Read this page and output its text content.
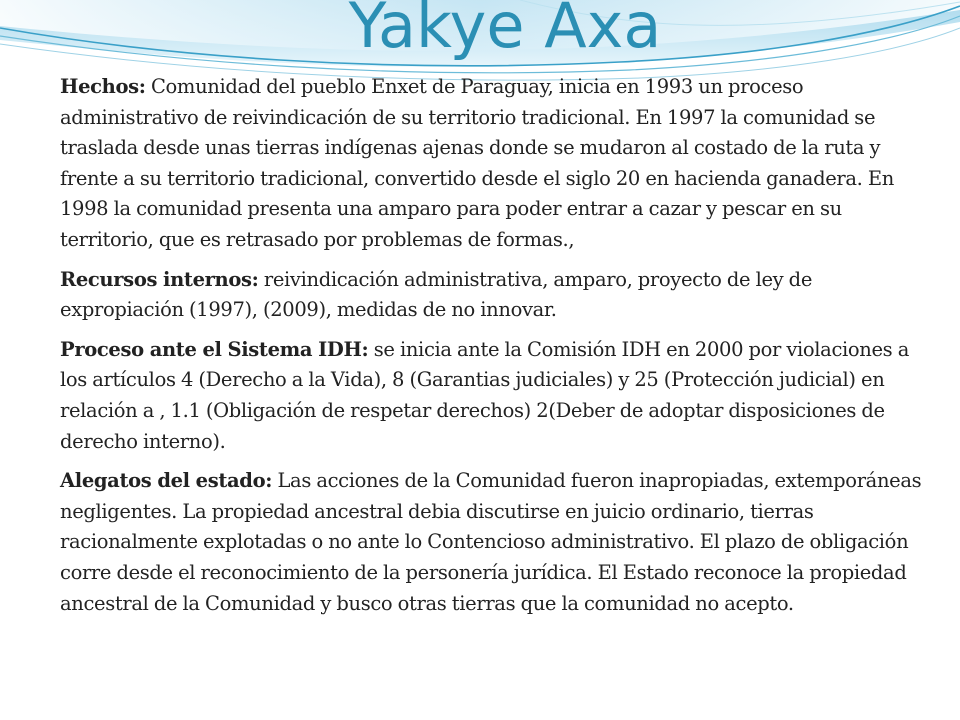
Yakye Axa

Hechos: Comunidad del pueblo Enxet de Paraguay, inicia en 1993 un proceso administrativo de reivindicación de su territorio tradicional. En 1997 la comunidad se traslada desde unas tierras indígenas ajenas donde se mudaron al costado de la ruta y frente a su territorio tradicional, convertido desde el siglo 20 en hacienda ganadera. En 1998 la comunidad presenta una amparo para poder entrar a cazar y pescar en su territorio, que es retrasado por problemas de formas.,

Recursos internos: reivindicación administrativa, amparo, proyecto de ley de expropiación (1997), (2009), medidas de no innovar.

Proceso ante el Sistema IDH: se inicia ante la Comisión IDH en 2000 por violaciones a los artículos 4 (Derecho a la Vida), 8 (Garantias judiciales) y 25 (Protección judicial) en relación a , 1.1 (Obligación de respetar derechos) 2(Deber de adoptar disposiciones de derecho interno).

Alegatos del estado: Las acciones de la Comunidad fueron inapropiadas, extemporáneas negligentes. La propiedad ancestral debia discutirse en juicio ordinario, tierras racionalmente explotadas o no ante lo Contencioso administrativo. El plazo de obligación corre desde el reconocimiento de la personería jurídica. El Estado reconoce la propiedad ancestral de la Comunidad y busco otras tierras que la comunidad no acepto.
